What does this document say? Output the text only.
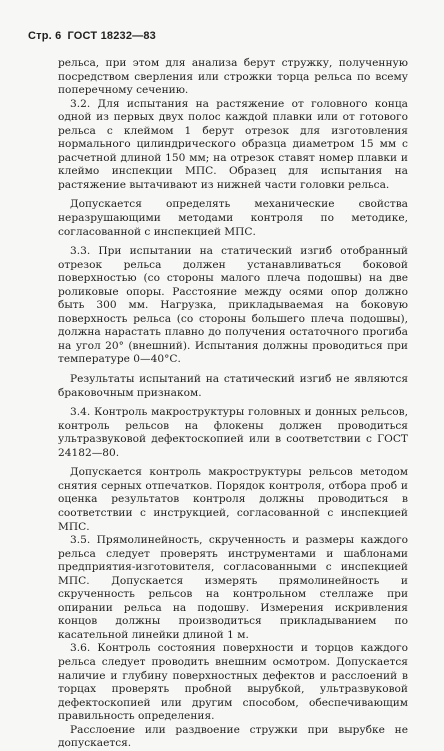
Стр. 6 ГОСТ 18232—83

рельса, при этом для анализа берут стружку, полученную посредством сверления или строжки торца рельса по всему поперечному сечению.

3.2. Для испытания на растяжение от головного конца одной из первых двух полос каждой плавки или от готового рельса с клеймом 1 берут отрезок для изготовления нормального цилиндрического образца диаметром 15 мм с расчетной длиной 150 мм; на отрезок ставят номер плавки и клеймо инспекции МПС. Образец для испытания на растяжение вытачивают из нижней части головки рельса.

Допускается определять механические свойства неразрушающими методами контроля по методике, согласованной с инспекцией МПС.

3.3. При испытании на статический изгиб отобранный отрезок рельса должен устанавливаться боковой поверхностью (со стороны малого плеча подошвы) на две роликовые опоры. Расстояние между осями опор должно быть 300 мм. Нагрузка, прикладываемая на боковую поверхность рельса (со стороны большего плеча подошвы), должна нарастать плавно до получения остаточного прогиба на угол 20° (внешний). Испытания должны проводиться при температуре 0—40°С.

Результаты испытаний на статический изгиб не являются браковочным признаком.

3.4. Контроль макроструктуры головных и донных рельсов, контроль рельсов на флокены должен проводиться ультразвуковой дефектоскопией или в соответствии с ГОСТ 24182—80.

Допускается контроль макроструктуры рельсов методом снятия серных отпечатков. Порядок контроля, отбора проб и оценка результатов контроля должны проводиться в соответствии с инструкцией, согласованной с инспекцией МПС.

3.5. Прямолинейность, скрученность и размеры каждого рельса следует проверять инструментами и шаблонами предприятия-изготовителя, согласованными с инспекцией МПС. Допускается измерять прямолинейность и скрученность рельсов на контрольном стеллаже при опирании рельса на подошву. Измерения искривления концов должны производиться прикладыванием по касательной линейки длиной 1 м.

3.6. Контроль состояния поверхности и торцов каждого рельса следует проводить внешним осмотром. Допускается наличие и глубину поверхностных дефектов и расслоений в торцах проверять пробной вырубкой, ультразвуковой дефектоскопией или другим способом, обеспечивающим правильность определения.

Расслоение или раздвоение стружки при вырубке не допускается.
